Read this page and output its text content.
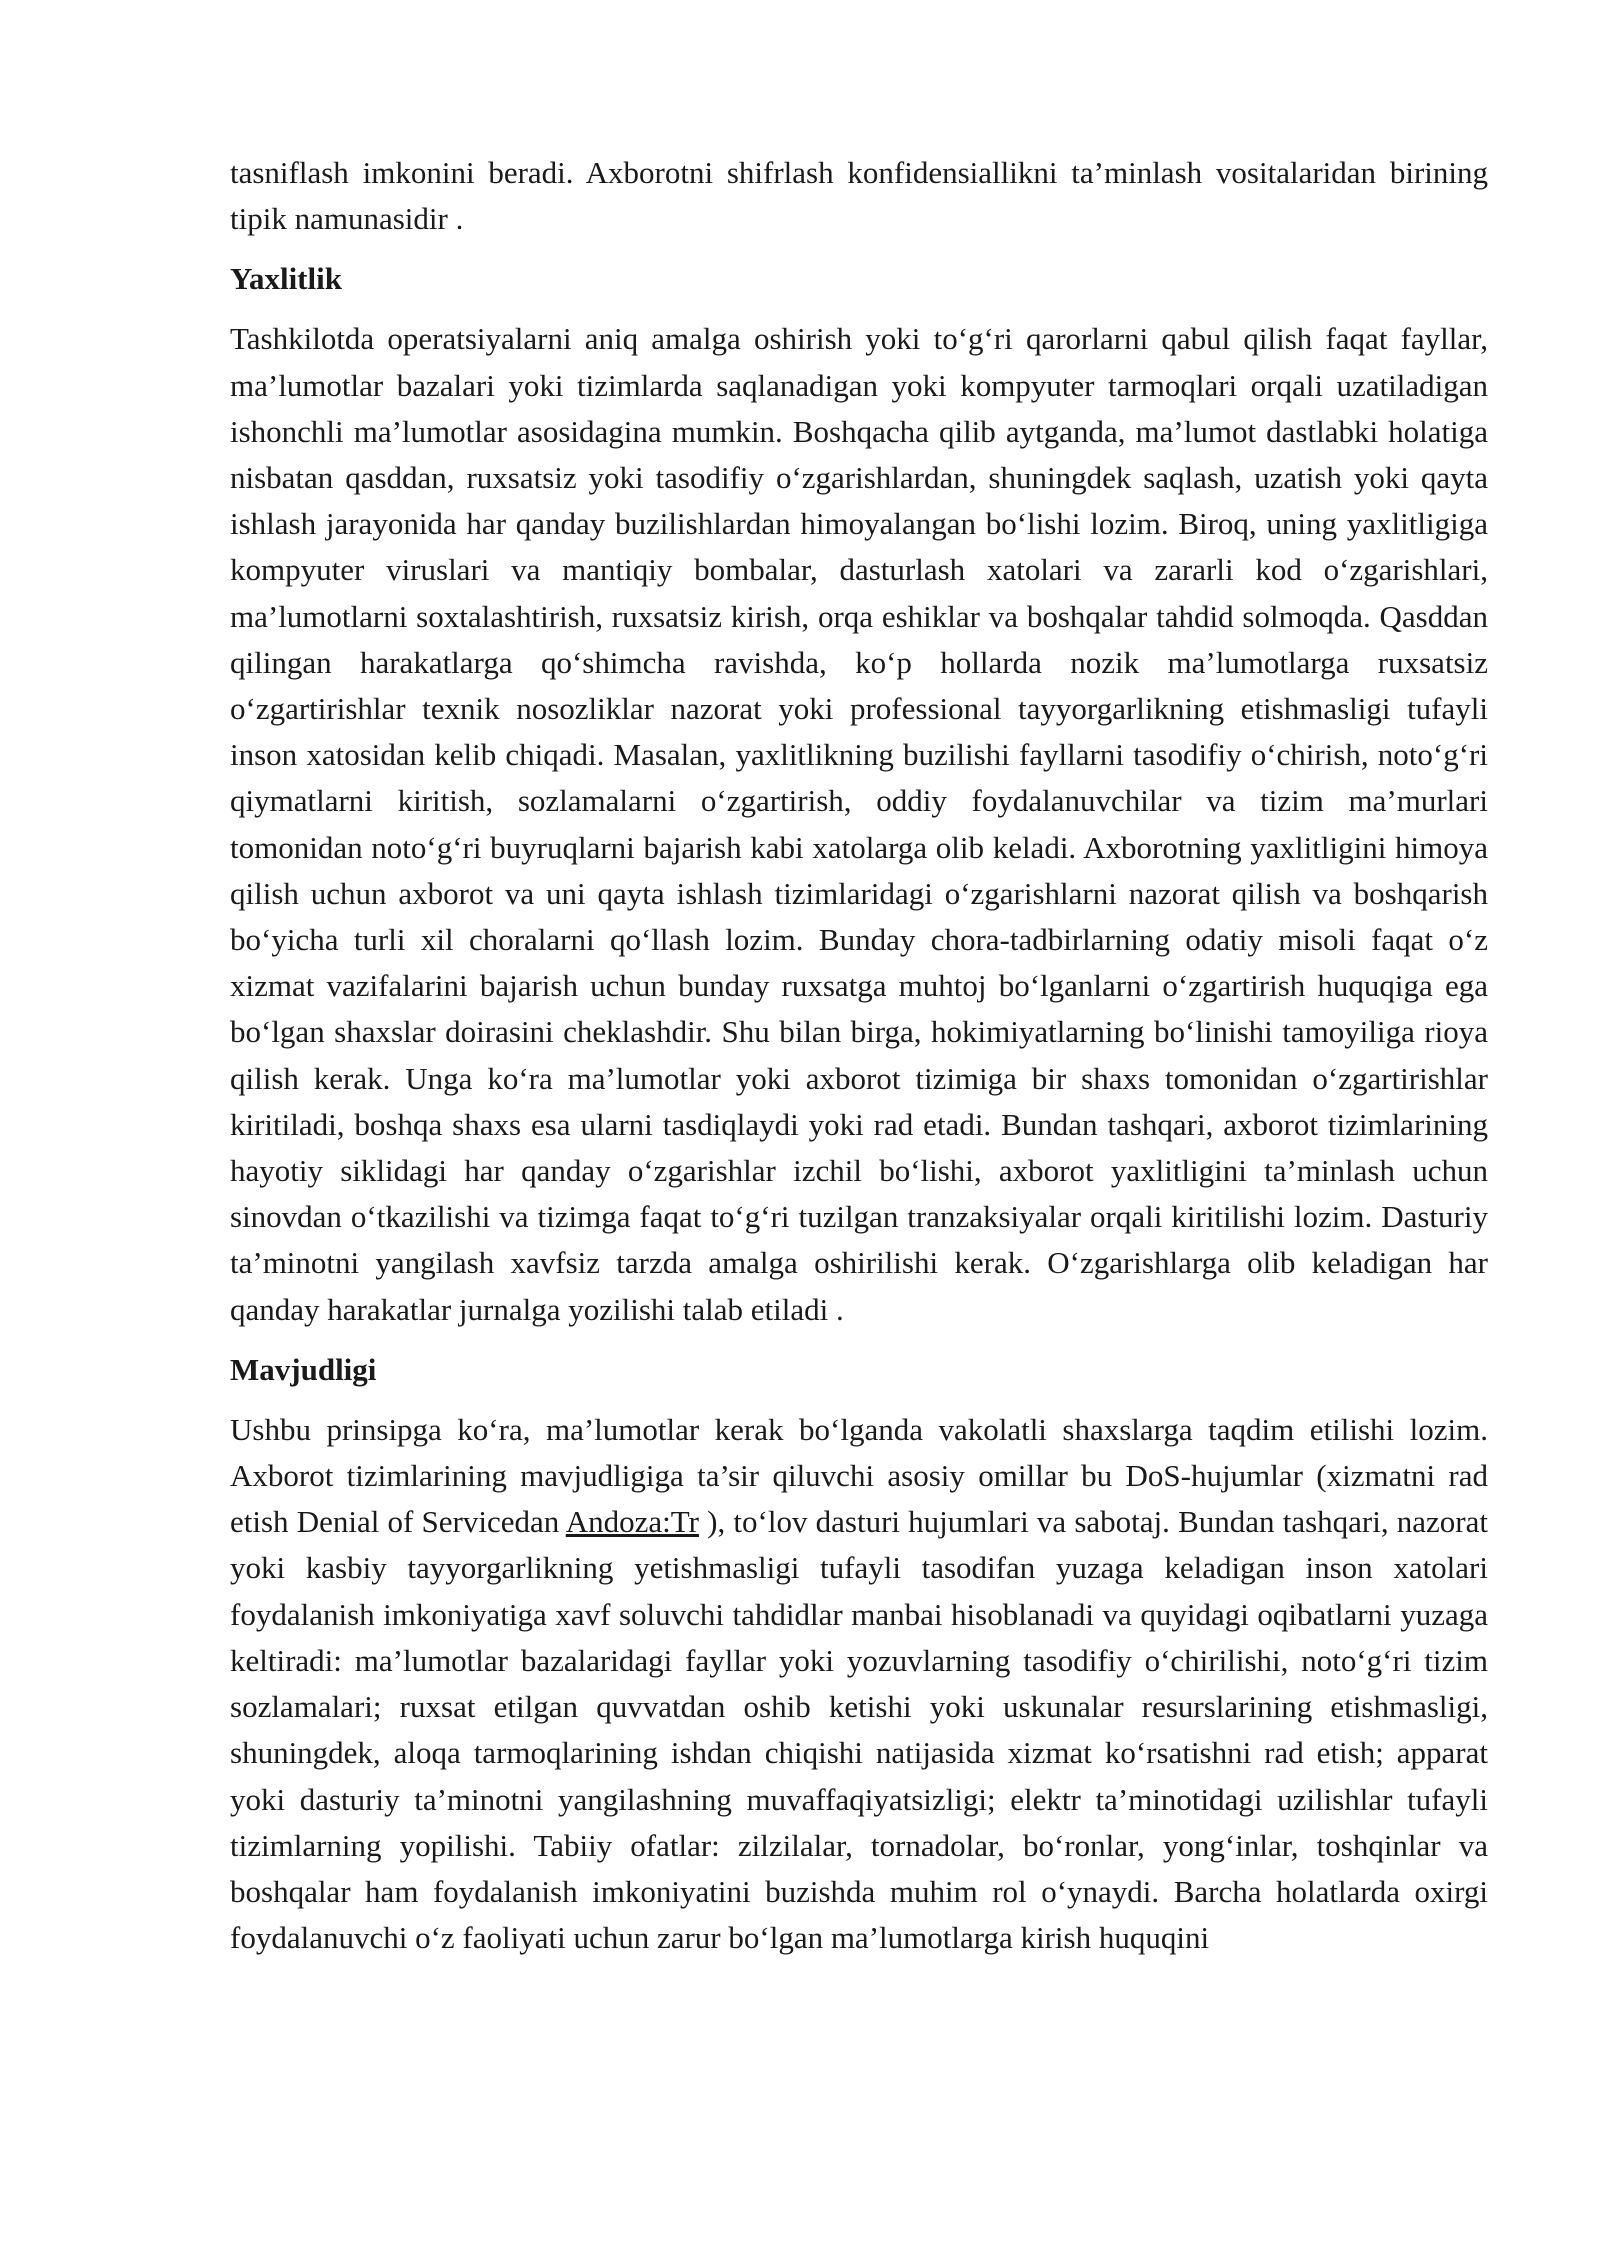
tasniflash imkonini beradi. Axborotni shifrlash konfidensiallikni ta’minlash vositalaridan birining tipik namunasidir .

Yaxlitlik

Tashkilotda operatsiyalarni aniq amalga oshirish yoki to‘g‘ri qarorlarni qabul qilish faqat fayllar, ma’lumotlar bazalari yoki tizimlarda saqlanadigan yoki kompyuter tarmoqlari orqali uzatiladigan ishonchli ma’lumotlar asosidagina mumkin. Boshqacha qilib aytganda, ma’lumot dastlabki holatiga nisbatan qasddan, ruxsatsiz yoki tasodifiy o‘zgarishlardan, shuningdek saqlash, uzatish yoki qayta ishlash jarayonida har qanday buzilishlardan himoyalangan bo‘lishi lozim. Biroq, uning yaxlitligiga kompyuter viruslari va mantiqiy bombalar, dasturlash xatolari va zararli kod o‘zgarishlari, ma’lumotlarni soxtalashtirish, ruxsatsiz kirish, orqa eshiklar va boshqalar tahdid solmoqda. Qasddan qilingan harakatlarga qo‘shimcha ravishda, ko‘p hollarda nozik ma’lumotlarga ruxsatsiz o‘zgartirishlar texnik nosozliklar nazorat yoki professional tayyorgarlikning etishmasligi tufayli inson xatosidan kelib chiqadi. Masalan, yaxlitlikning buzilishi fayllarni tasodifiy o‘chirish, noto‘g‘ri qiymatlarni kiritish, sozlamalarni o‘zgartirish, oddiy foydalanuvchilar va tizim ma’murlari tomonidan noto‘g‘ri buyruqlarni bajarish kabi xatolarga olib keladi. Axborotning yaxlitligini himoya qilish uchun axborot va uni qayta ishlash tizimlaridagi o‘zgarishlarni nazorat qilish va boshqarish bo‘yicha turli xil choralarni qo‘llash lozim. Bunday chora-tadbirlarning odatiy misoli faqat o‘z xizmat vazifalarini bajarish uchun bunday ruxsatga muhtoj bo‘lganlarni o‘zgartirish huquqiga ega bo‘lgan shaxslar doirasini cheklashdir. Shu bilan birga, hokimiyatlarning bo‘linishi tamoyiliga rioya qilish kerak. Unga ko‘ra ma’lumotlar yoki axborot tizimiga bir shaxs tomonidan o‘zgartirishlar kiritiladi, boshqa shaxs esa ularni tasdiqlaydi yoki rad etadi. Bundan tashqari, axborot tizimlarining hayotiy siklidagi har qanday o‘zgarishlar izchil bo‘lishi, axborot yaxlitligini ta’minlash uchun sinovdan o‘tkazilishi va tizimga faqat to‘g‘ri tuzilgan tranzaksiyalar orqali kiritilishi lozim. Dasturiy ta’minotni yangilash xavfsiz tarzda amalga oshirilishi kerak. O‘zgarishlarga olib keladigan har qanday harakatlar jurnalga yozilishi talab etiladi .

Mavjudligi

Ushbu prinsipga ko‘ra, ma’lumotlar kerak bo‘lganda vakolatli shaxslarga taqdim etilishi lozim. Axborot tizimlarining mavjudligiga ta’sir qiluvchi asosiy omillar bu DoS-hujumlar (xizmatni rad etish Denial of Servicedan Andoza:Tr ), to‘lov dasturi hujumlari va sabotaj. Bundan tashqari, nazorat yoki kasbiy tayyorgarlikning yetishmasligi tufayli tasodifan yuzaga keladigan inson xatolari foydalanish imkoniyatiga xavf soluvchi tahdidlar manbai hisoblanadi va quyidagi oqibatlarni yuzaga keltiradi: ma’lumotlar bazalaridagi fayllar yoki yozuvlarning tasodifiy o‘chirilishi, noto‘g‘ri tizim sozlamalari; ruxsat etilgan quvvatdan oshib ketishi yoki uskunalar resurslarining etishmasligi, shuningdek, aloqa tarmoqlarining ishdan chiqishi natijasida xizmat ko‘rsatishni rad etish; apparat yoki dasturiy ta’minotni yangilashning muvaffaqiyatsizligi; elektr ta’minotidagi uzilishlar tufayli tizimlarning yopilishi. Tabiiy ofatlar: zilzilalar, tornadolar, bo‘ronlar, yong‘inlar, toshqinlar va boshqalar ham foydalanish imkoniyatini buzishda muhim rol o‘ynaydi. Barcha holatlarda oxirgi foydalanuvchi o‘z faoliyati uchun zarur bo‘lgan ma’lumotlarga kirish huquqini
